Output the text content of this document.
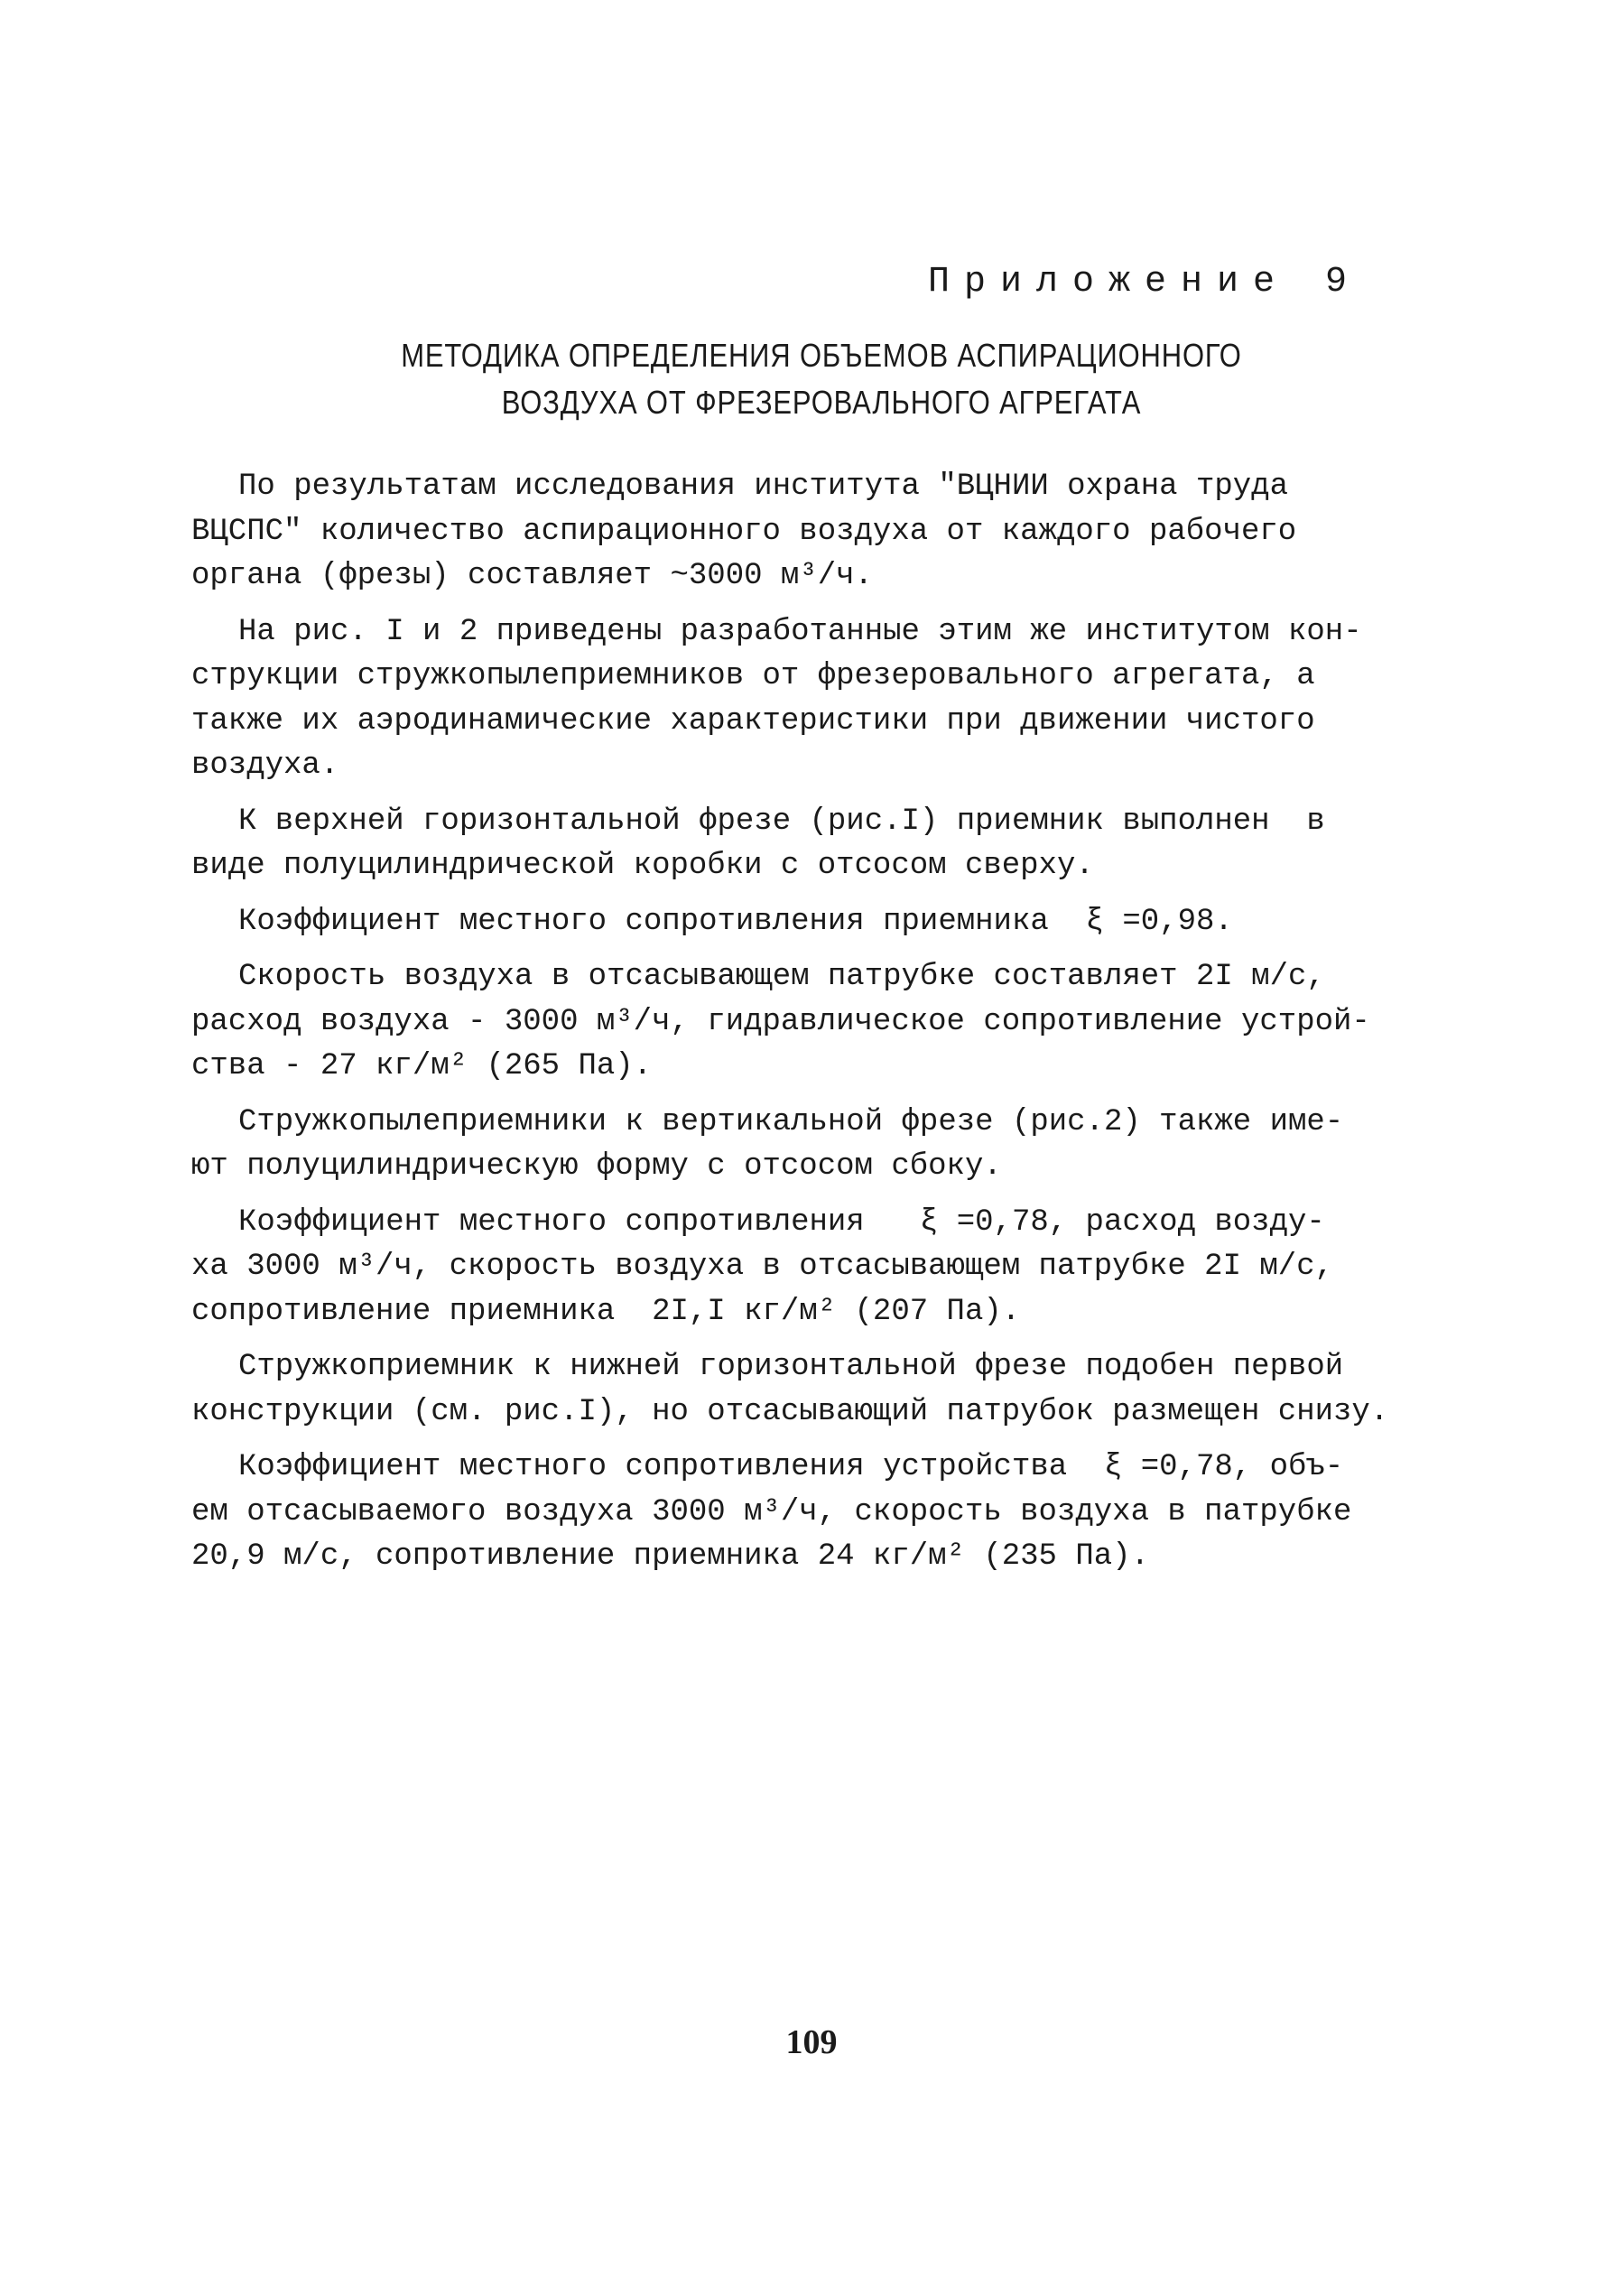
Приложение 9
МЕТОДИКА ОПРЕДЕЛЕНИЯ ОБЪЕМОВ АСПИРАЦИОННОГО
ВОЗДУХА ОТ ФРЕЗЕРОВАЛЬНОГО АГРЕГАТА
По результатам исследования института "ВЦНИИ охрана труда
ВЦСПС" количество аспирационного воздуха от каждого рабочего
органа (фрезы) составляет ~3000 м³/ч.
На рис. I и 2 приведены разработанные этим же институтом кон-
струкции стружкопылеприемников от фрезеровального агрегата, а
также их аэродинамические характеристики при движении чистого
воздуха.
К верхней горизонтальной фрезе (рис.I) приемник выполнен  в
виде полуцилиндрической коробки с отсосом сверху.
Коэффициент местного сопротивления приемника  ξ =0,98.
Скорость воздуха в отсасывающем патрубке составляет 2I м/с,
расход воздуха - 3000 м³/ч, гидравлическое сопротивление устрой-
ства - 27 кг/м² (265 Па).
Стружкопылеприемники к вертикальной фрезе (рис.2) также име-
ют полуцилиндрическую форму с отсосом сбоку.
Коэффициент местного сопротивления   ξ =0,78, расход возду-
ха 3000 м³/ч, скорость воздуха в отсасывающем патрубке 2I м/с,
сопротивление приемника  2I,I кг/м² (207 Па).
Стружкоприемник к нижней горизонтальной фрезе подобен первой
конструкции (см. рис.I), но отсасывающий патрубок размещен снизу.
Коэффициент местного сопротивления устройства  ξ =0,78, объ-
ем отсасываемого воздуха 3000 м³/ч, скорость воздуха в патрубке
20,9 м/с, сопротивление приемника 24 кг/м² (235 Па).
109
